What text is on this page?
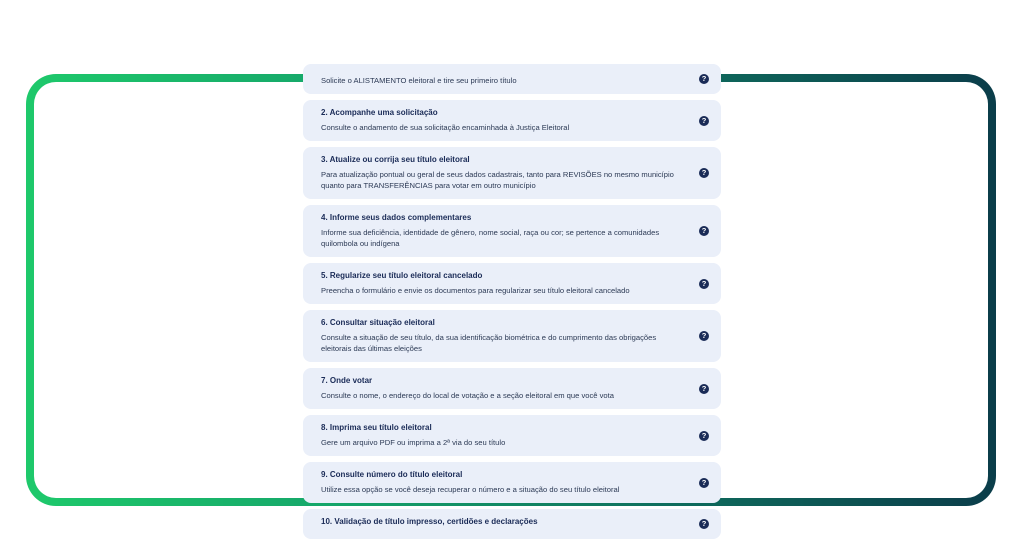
Solicite o ALISTAMENTO eleitoral e tire seu primeiro título	?
2. Acompanhe uma solicitação
Consulte o andamento de sua solicitação encaminhada à Justiça Eleitoral
?
3. Atualize ou corrija seu título eleitoral
Para atualização pontual ou geral de seus dados cadastrais, tanto para REVISÕES no mesmo município quanto para TRANSFERÊNCIAS para votar em outro município
?
4. Informe seus dados complementares
Informe sua deficiência, identidade de gênero, nome social, raça ou cor; se pertence a comunidades quilombola ou indígena
?
5. Regularize seu título eleitoral cancelado
Preencha o formulário e envie os documentos para regularizar seu título eleitoral cancelado
?
6. Consultar situação eleitoral
Consulte a situação de seu título, da sua identificação biométrica e do cumprimento das obrigações eleitorais das últimas eleições
?
7. Onde votar
Consulte o nome, o endereço do local de votação e a seção eleitoral em que você vota
?
8. Imprima seu título eleitoral
Gere um arquivo PDF ou imprima a 2ª via do seu título
?
9. Consulte número do título eleitoral
Utilize essa opção se você deseja recuperar o número e a situação do seu título eleitoral
?
10. Validação de título impresso, certidões e declarações	?
